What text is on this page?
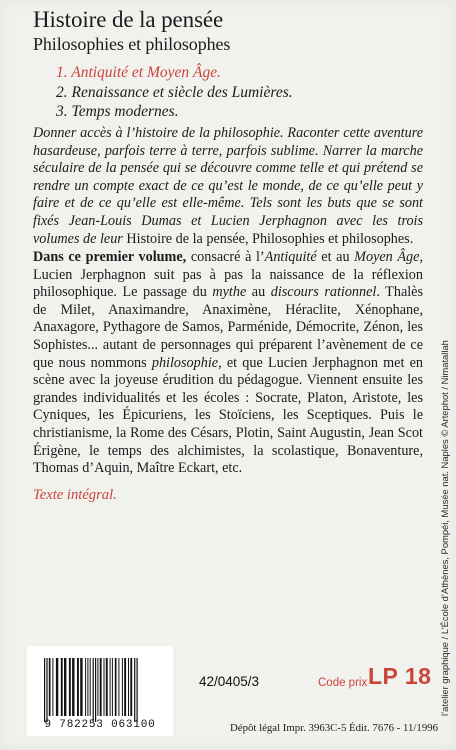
Histoire de la pensée
Philosophies et philosophes
1. Antiquité et Moyen Âge.
2. Renaissance et siècle des Lumières.
3. Temps modernes.
Donner accès à l’histoire de la philosophie. Raconter cette aventure hasardeuse, parfois terre à terre, parfois sublime. Narrer la marche séculaire de la pensée qui se découvre comme telle et qui prétend se rendre un compte exact de ce qu’est le monde, de ce qu’elle peut y faire et de ce qu’elle est elle-même. Tels sont les buts que se sont fixés Jean-Louis Dumas et Lucien Jerphagnon avec les trois volumes de leur Histoire de la pensée, Philosophies et philosophes.
Dans ce premier volume, consacré à l’Antiquité et au Moyen Âge, Lucien Jerphagnon suit pas à pas la naissance de la réflexion philosophique. Le passage du mythe au discours rationnel. Thalès de Milet, Anaximandre, Anaximène, Héraclite, Xénophane, Anaxagore, Pythagore de Samos, Parménide, Démocrite, Zénon, les Sophistes... autant de personnages qui préparent l’avènement de ce que nous nommons philosophie, et que Lucien Jerphagnon met en scène avec la joyeuse érudition du pédagogue. Viennent ensuite les grandes individualités et les écoles : Socrate, Platon, Aristote, les Cyniques, les Épicuriens, les Stoïciens, les Sceptiques. Puis le christianisme, la Rome des Césars, Plotin, Saint Augustin, Jean Scot Érigène, le temps des alchimistes, la scolastique, Bonaventure, Thomas d’Aquin, Maître Eckart, etc.
Texte intégral.	l’atelier graphique / L’École d’Athènes, Pompéi, Musée nat. Naples © Artephot / Nimatallah
9 782253 063100
42/0405/3	Code prix LP 18
Dépôt légal Impr. 3963C-5 Édit. 7676 - 11/1996
